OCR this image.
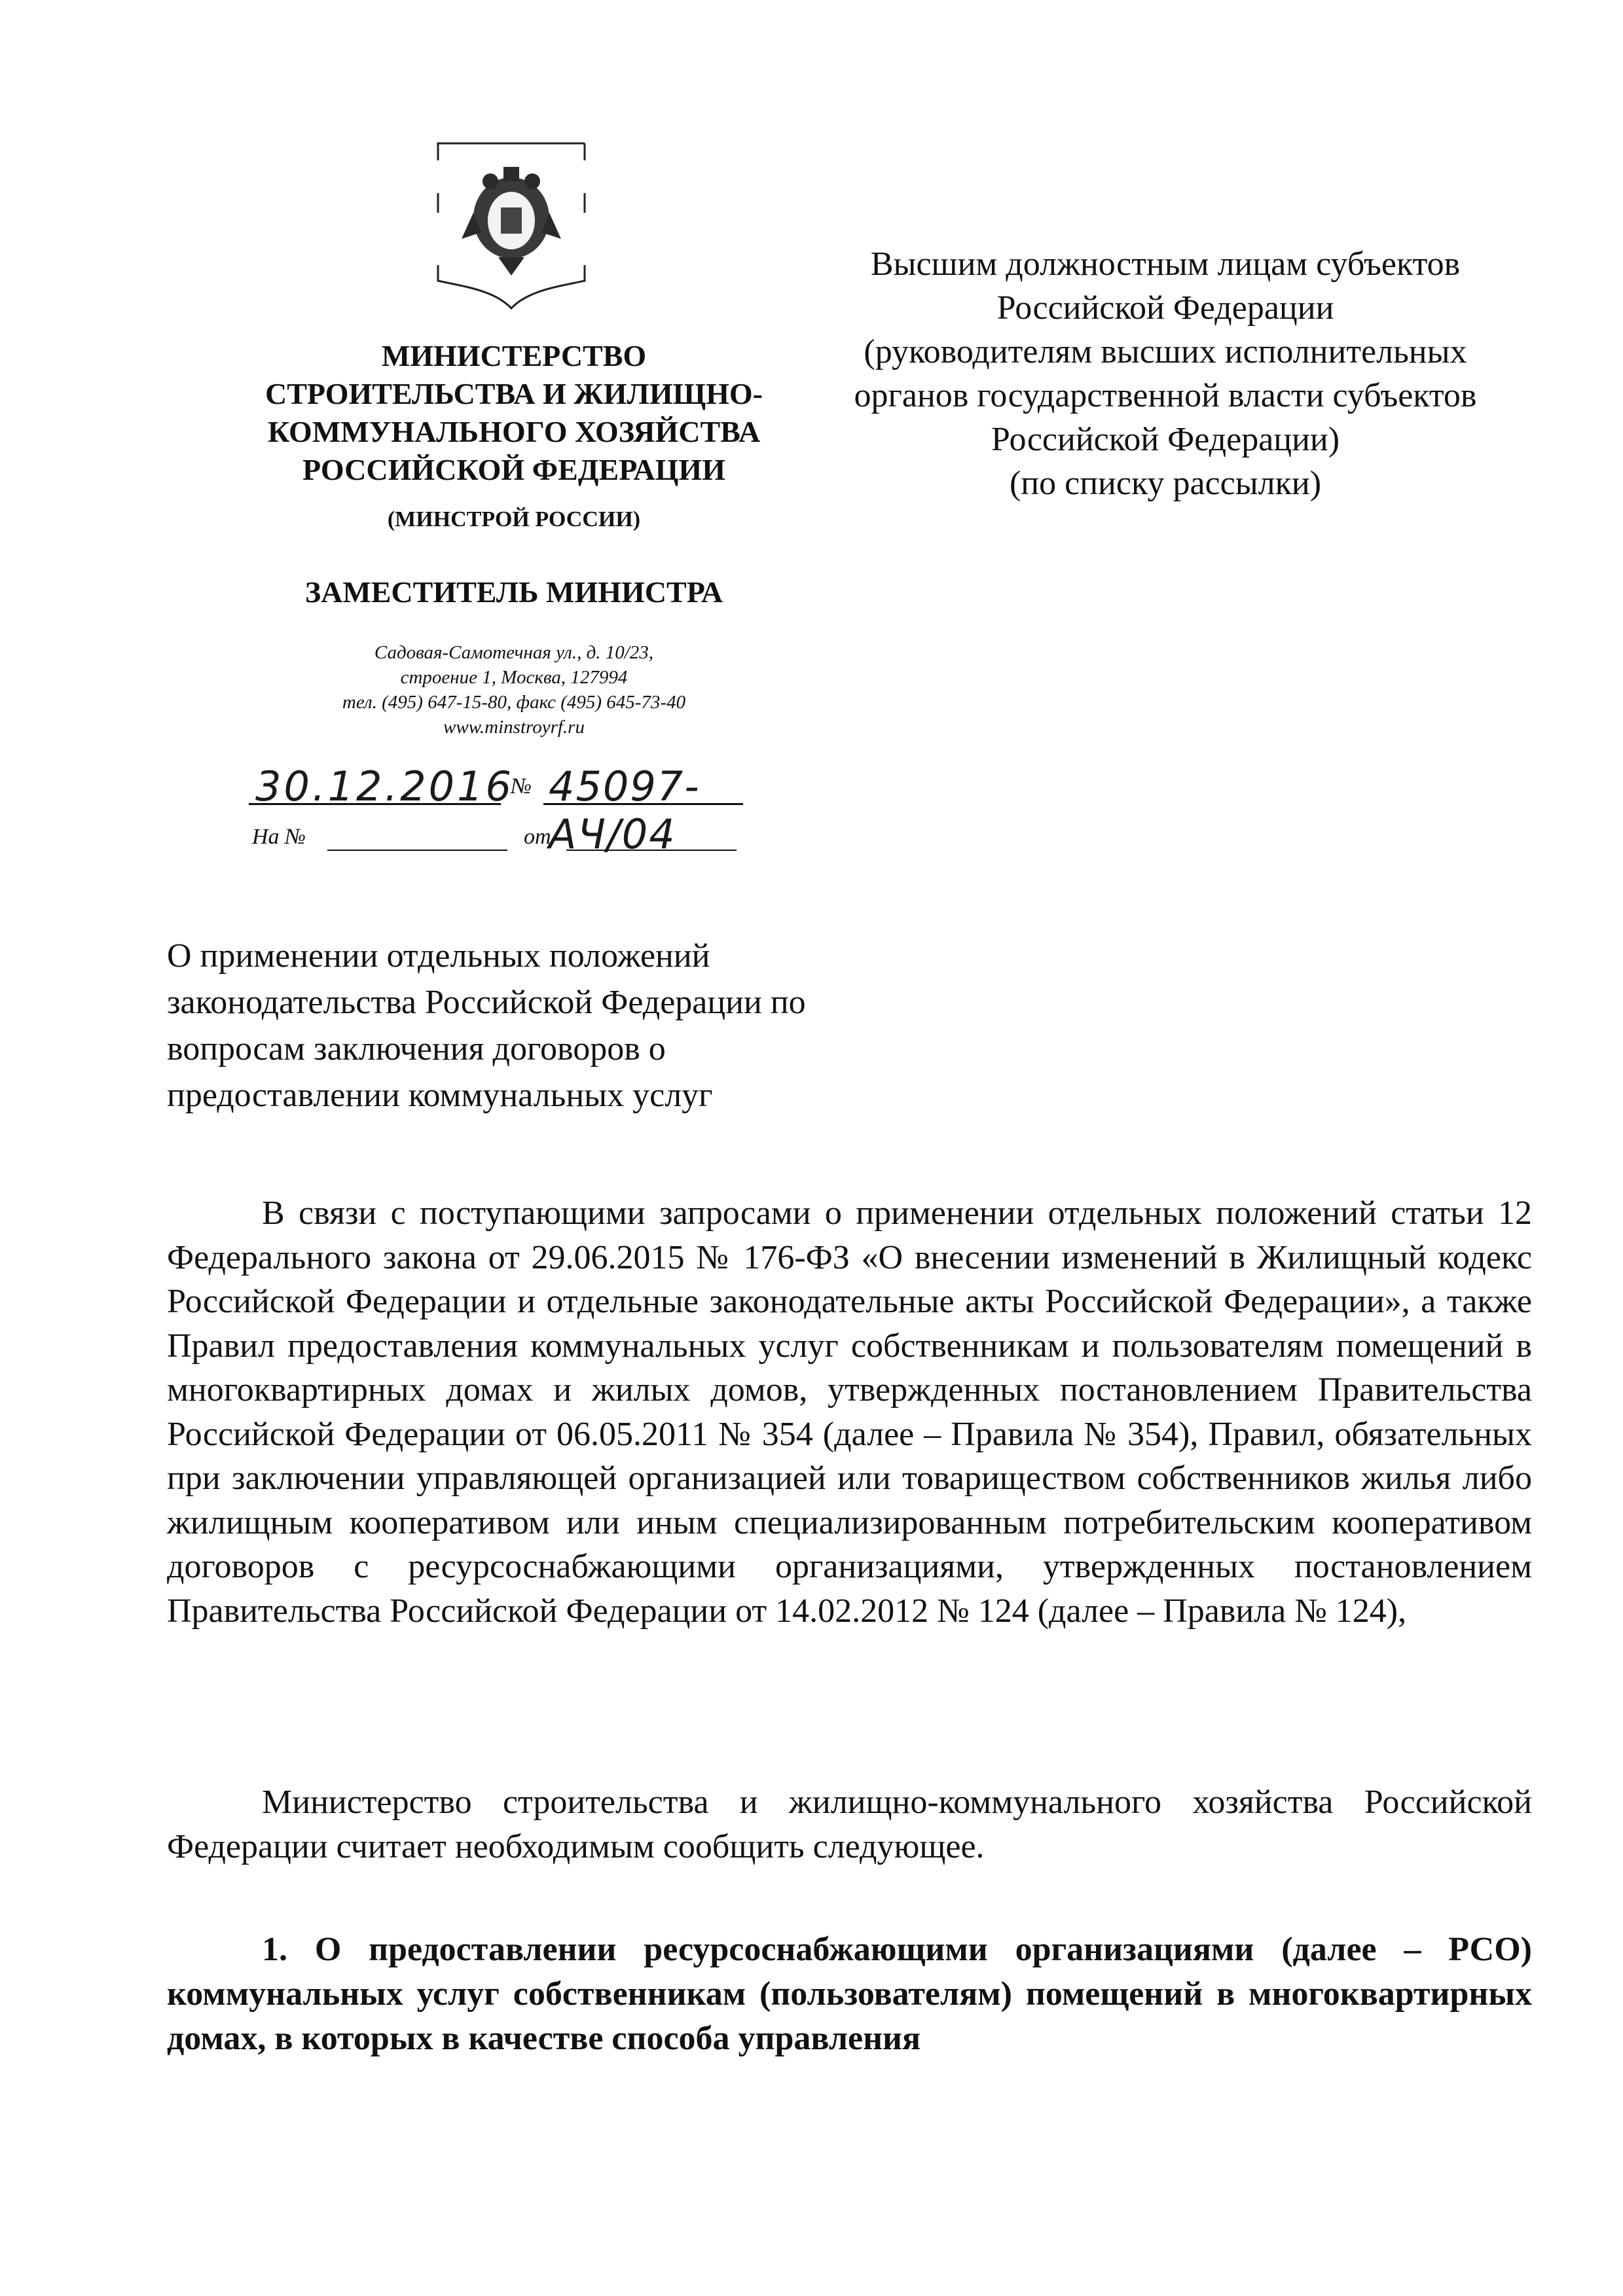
МИНИСТЕРСТВО
СТРОИТЕЛЬСТВА И ЖИЛИЩНО-
КОММУНАЛЬНОГО ХОЗЯЙСТВА
РОССИЙСКОЙ ФЕДЕРАЦИИ
(МИНСТРОЙ РОССИИ)
ЗАМЕСТИТЕЛЬ МИНИСТРА
Садовая-Самотечная ул., д. 10/23,
строение 1, Москва, 127994
тел. (495) 647-15-80, факс (495) 645-73-40
www.minstroyrf.ru
30.12.2016
№ 45097-АЧ/04
На №	от
Высшим должностным лицам субъектов
Российской Федерации
(руководителям высших исполнительных
органов государственной власти субъектов
Российской Федерации)
(по списку рассылки)
О применении отдельных положений
законодательства Российской Федерации по
вопросам заключения договоров о
предоставлении коммунальных услуг
В связи с поступающими запросами о применении отдельных положений статьи 12 Федерального закона от 29.06.2015 № 176-ФЗ «О внесении изменений в Жилищный кодекс Российской Федерации и отдельные законодательные акты Российской Федерации», а также Правил предоставления коммунальных услуг собственникам и пользователям помещений в многоквартирных домах и жилых домов, утвержденных постановлением Правительства Российской Федерации от 06.05.2011 № 354 (далее – Правила № 354), Правил, обязательных при заключении управляющей организацией или товариществом собственников жилья либо жилищным кооперативом или иным специализированным потребительским кооперативом договоров с ресурсоснабжающими организациями, утвержденных постановлением Правительства Российской Федерации от 14.02.2012 № 124 (далее – Правила № 124),
Министерство строительства и жилищно-коммунального хозяйства Российской Федерации считает необходимым сообщить следующее.
1. О предоставлении ресурсоснабжающими организациями (далее – РСО) коммунальных услуг собственникам (пользователям) помещений в многоквартирных домах, в которых в качестве способа управления
